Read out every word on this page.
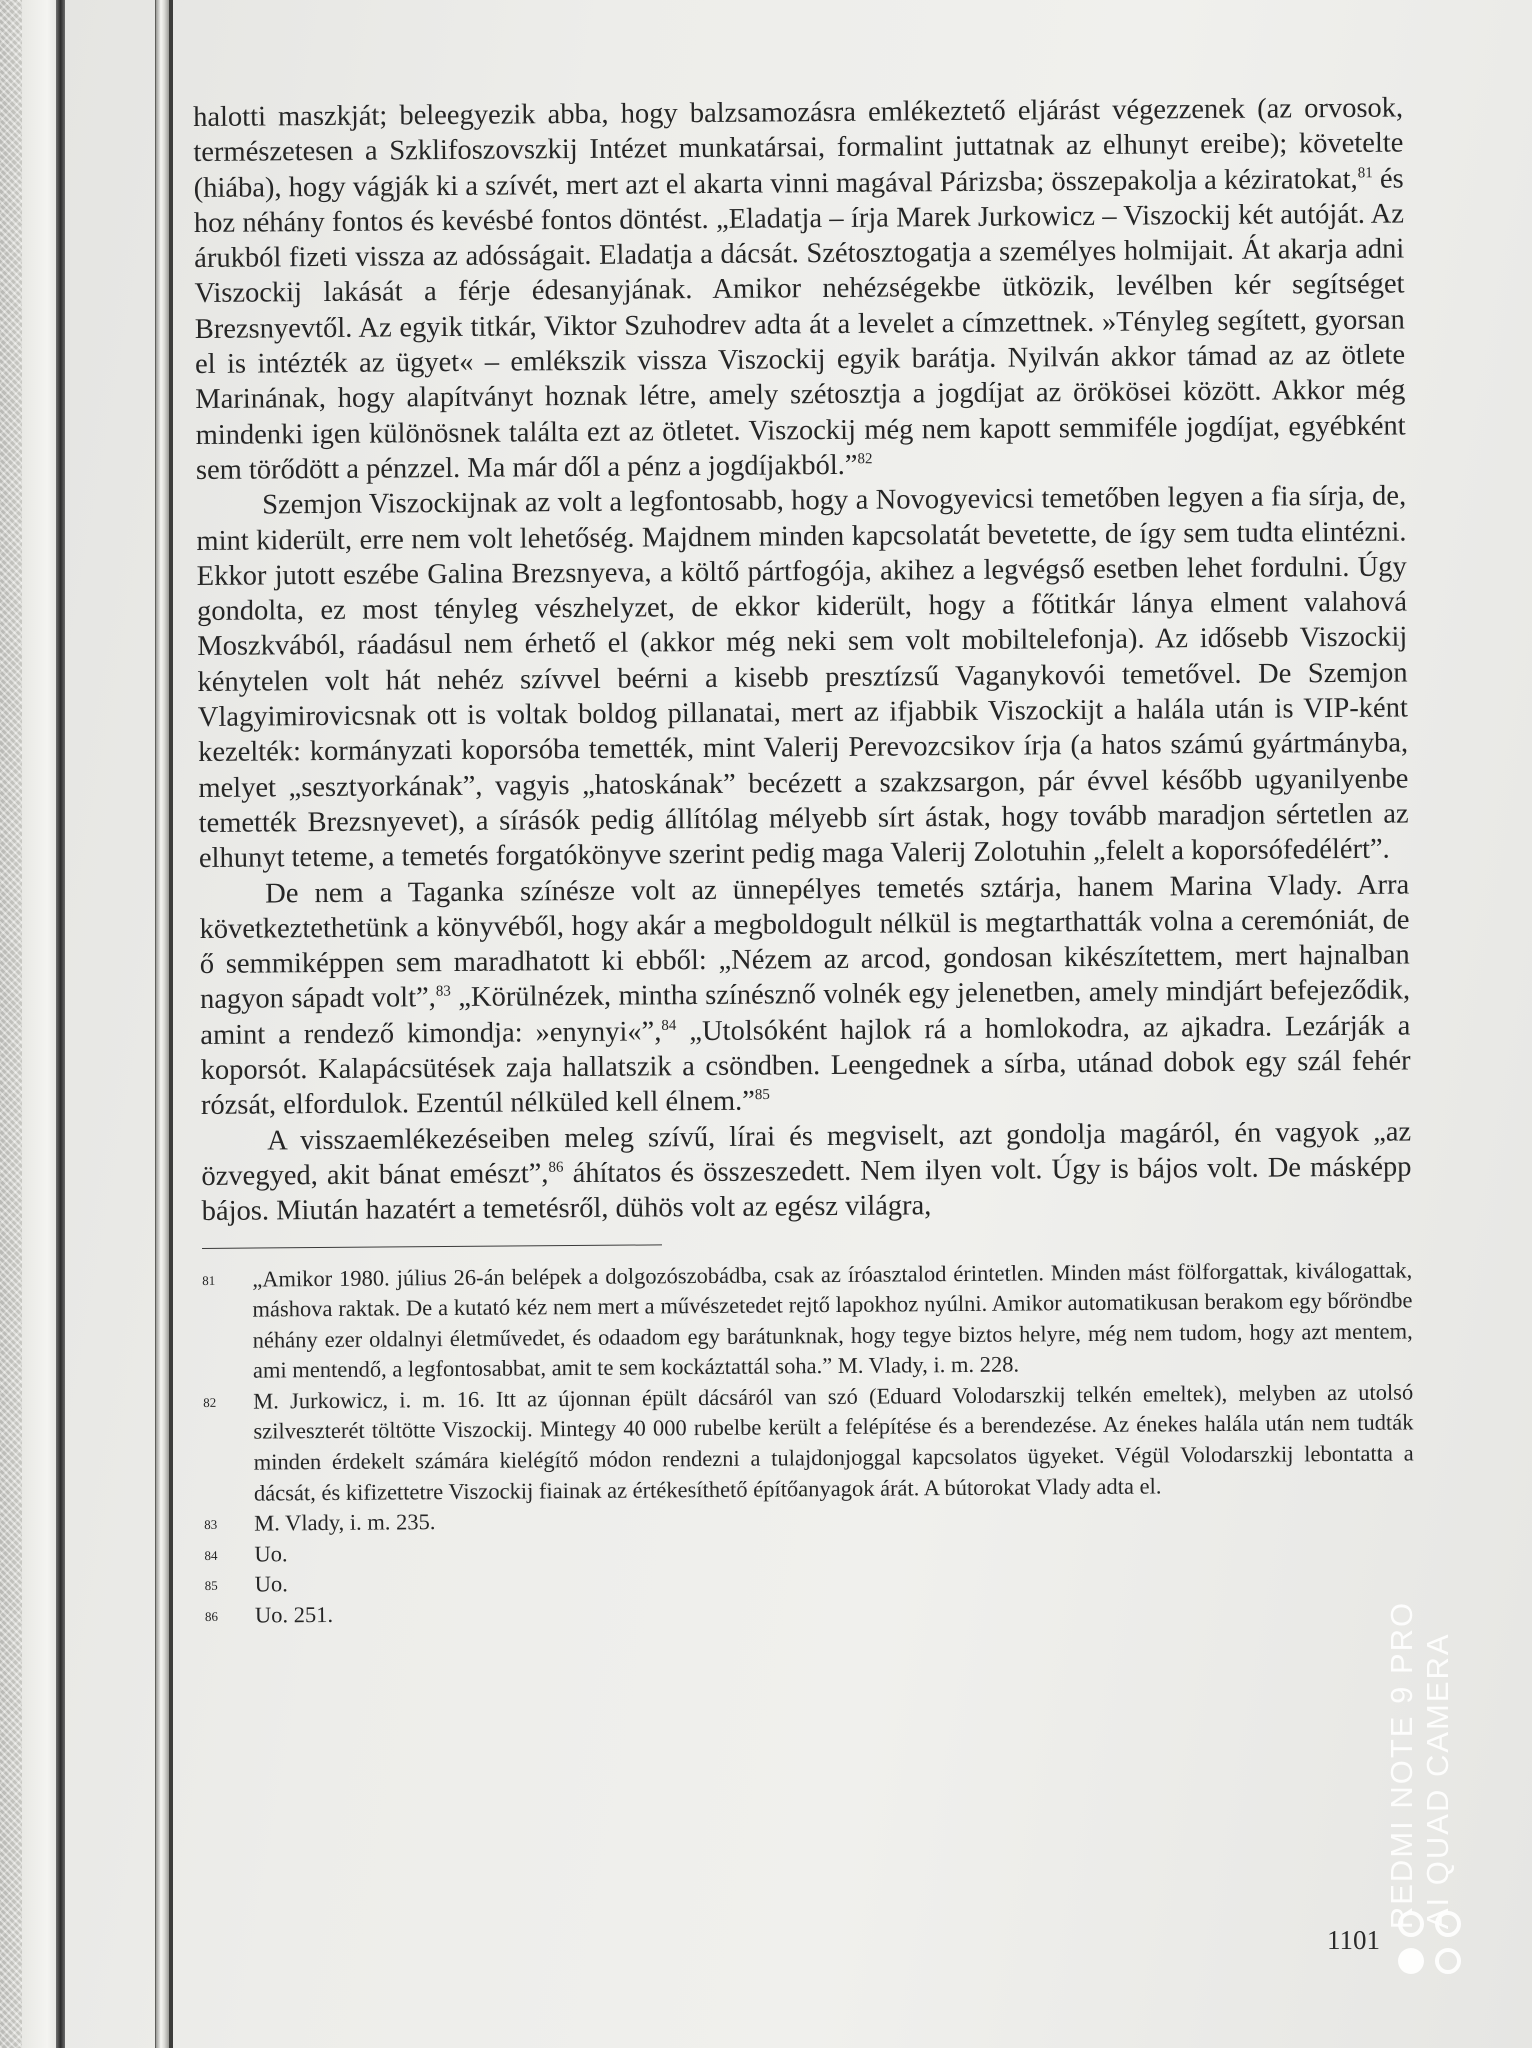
halotti maszkját; beleegyezik abba, hogy balzsamozásra emlékeztető eljárást végezzenek (az orvosok, természetesen a Szklifoszovszkij Intézet munkatársai, formalint juttatnak az elhunyt ereibe); követelte (hiába), hogy vágják ki a szívét, mert azt el akarta vinni magával Párizsba; összepakolja a kéziratokat,$^{81}$ és hoz néhány fontos és kevésbé fontos döntést. „Eladatja – írja Marek Jurkowicz – Viszockij két autóját. Az árukból fizeti vissza az adósságait. Eladatja a dácsát. Szétosztogatja a személyes holmijait. Át akarja adni Viszockij lakását a férje édesanyjának. Amikor nehézségekbe ütközik, levélben kér segítséget Brezsnyevtől. Az egyik titkár, Viktor Szuhodrev adta át a levelet a címzettnek. »Tényleg segített, gyorsan el is intézték az ügyet« – emlékszik vissza Viszockij egyik barátja. Nyilván akkor támad az az ötlete Marinának, hogy alapítványt hoznak létre, amely szétosztja a jogdíjat az örökösei között. Akkor még mindenki igen különösnek találta ezt az ötletet. Viszockij még nem kapott semmiféle jogdíjat, egyébként sem törődött a pénzzel. Ma már dől a pénz a jogdíjakból.”$^{82}$

Szemjon Viszockijnak az volt a legfontosabb, hogy a Novogyevicsi temetőben legyen a fia sírja, de, mint kiderült, erre nem volt lehetőség. Majdnem minden kapcsolatát bevetette, de így sem tudta elintézni. Ekkor jutott eszébe Galina Brezsnyeva, a költő pártfogója, akihez a legvégső esetben lehet fordulni. Úgy gondolta, ez most tényleg vészhelyzet, de ekkor kiderült, hogy a főtitkár lánya elment valahová Moszkvából, ráadásul nem érhető el (akkor még neki sem volt mobiltelefonja). Az idősebb Viszockij kénytelen volt hát nehéz szívvel beérni a kisebb presztízsű Vaganykovói temetővel. De Szemjon Vlagyimirovicsnak ott is voltak boldog pillanatai, mert az ifjabbik Viszockijt a halála után is VIP-ként kezelték: kormányzati koporsóba temették, mint Valerij Perevozcsikov írja (a hatos számú gyártmányba, melyet „sesztyorkának”, vagyis „hatoskának” becézett a szakzsargon, pár évvel később ugyanilyenbe temették Brezsnyevet), a sírásók pedig állítólag mélyebb sírt ástak, hogy tovább maradjon sértetlen az elhunyt teteme, a temetés forgatókönyve szerint pedig maga Valerij Zolotuhin „felelt a koporsófedélért”.

De nem a Taganka színésze volt az ünnepélyes temetés sztárja, hanem Marina Vlady. Arra következtethetünk a könyvéből, hogy akár a megboldogult nélkül is megtarthatták volna a ceremóniát, de ő semmiképpen sem maradhatott ki ebből: „Nézem az arcod, gondosan kikészítettem, mert hajnalban nagyon sápadt volt”,$^{83}$ „Körülnézek, mintha színésznő volnék egy jelenetben, amely mindjárt befejeződik, amint a rendező kimondja: »enynyi«”,$^{84}$ „Utolsóként hajlok rá a homlokodra, az ajkadra. Lezárják a koporsót. Kalapácsütések zaja hallatszik a csöndben. Leengednek a sírba, utánad dobok egy szál fehér rózsát, elfordulok. Ezentúl nélküled kell élnem.”$^{85}$

A visszaemlékezéseiben meleg szívű, lírai és megviselt, azt gondolja magáról, én vagyok „az özvegyed, akit bánat emészt”,$^{86}$ áhítatos és összeszedett. Nem ilyen volt. Úgy is bájos volt. De másképp bájos. Miután hazatért a temetésről, dühös volt az egész világra,

81 „Amikor 1980. július 26-án belépek a dolgozószobádba, csak az íróasztalod érintetlen. Minden mást fölforgattak, kiválogattak, máshova raktak. De a kutató kéz nem mert a művészetedet rejtő lapokhoz nyúlni. Amikor automatikusan berakom egy bőröndbe néhány ezer oldalnyi életművedet, és odaadom egy barátunknak, hogy tegye biztos helyre, még nem tudom, hogy azt mentem, ami mentendő, a legfontosabbat, amit te sem kockáztattál soha.” M. Vlady, i. m. 228.
82 M. Jurkowicz, i. m. 16. Itt az újonnan épült dácsáról van szó (Eduard Volodarszkij telkén emeltek), melyben az utolsó szilveszterét töltötte Viszockij. Mintegy 40 000 rubelbe került a felépítése és a berendezése. Az énekes halála után nem tudták minden érdekelt számára kielégítő módon rendezni a tulajdonjoggal kapcsolatos ügyeket. Végül Volodarszkij lebontatta a dácsát, és kifizettetre Viszockij fiainak az értékesíthető építőanyagok árát. A bútorokat Vlady adta el.
83 M. Vlady, i. m. 235.
84 Uo.
85 Uo.
86 Uo. 251.
1101
REDMI NOTE 9 PRO AI QUAD CAMERA
